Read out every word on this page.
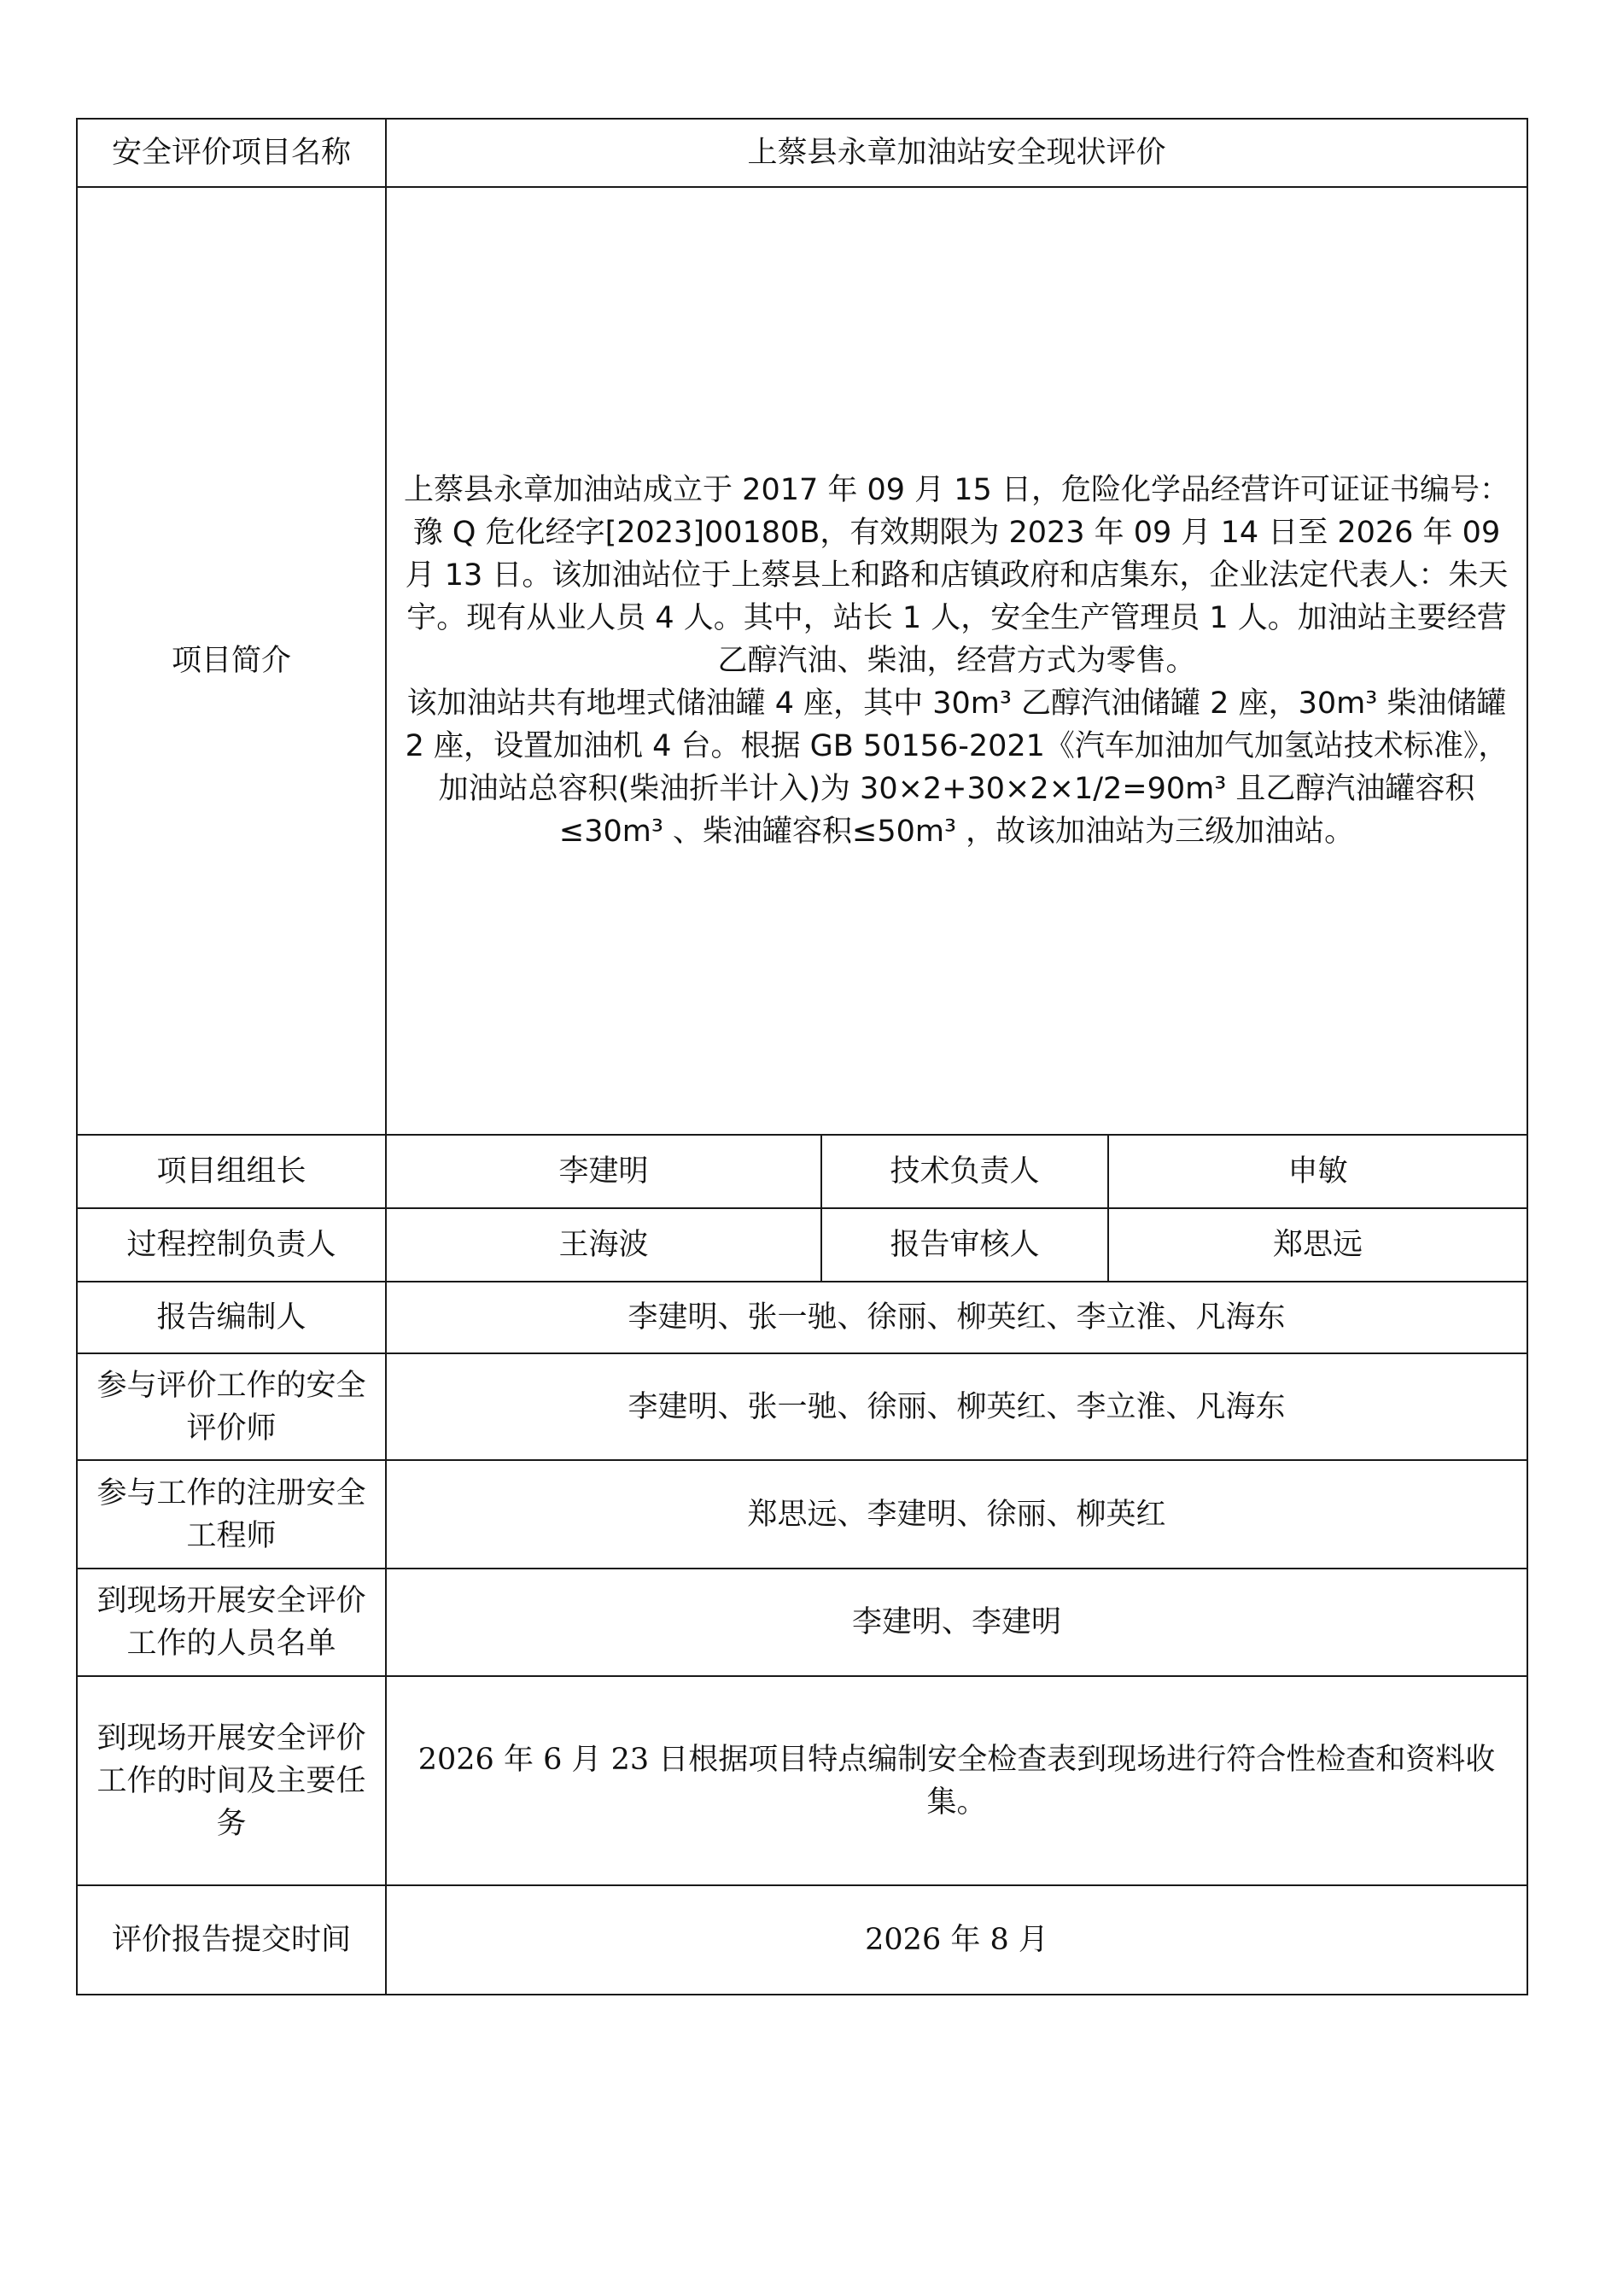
安全评价项目名称	上蔡县永章加油站安全现状评价		
项目简介	上蔡县永章加油站成立于 2017 年 09 月 15 日，危险化学品经营许可证证书编号：豫 Q 危化经字[2023]00180B，有效期限为 2023 年 09 月 14 日至 2026 年 09 月 13 日。该加油站位于上蔡县上和路和店镇政府和店集东，企业法定代表人：朱天宇。现有从业人员 4 人。其中，站长 1 人，安全生产管理员 1 人。加油站主要经营乙醇汽油、柴油，经营方式为零售。

该加油站共有地埋式储油罐 4 座，其中 30m³ 乙醇汽油储罐 2 座，30m³ 柴油储罐 2 座，设置加油机 4 台。根据 GB 50156-2021《汽车加油加气加氢站技术标准》，加油站总容积(柴油折半计入)为 30×2+30×2×1/2=90m³ 且乙醇汽油罐容积≤30m³ 、柴油罐容积≤50m³ ，故该加油站为三级加油站。		

项目组组长	李建明	技术负责人	申敏
过程控制负责人	王海波	报告审核人	郑思远
报告编制人	李建明、张一驰、徐丽、柳英红、李立淮、凡海东		
参与评价工作的安全评价师	李建明、张一驰、徐丽、柳英红、李立淮、凡海东		
参与工作的注册安全工程师	郑思远、李建明、徐丽、柳英红		
到现场开展安全评价工作的人员名单	李建明、李建明		
到现场开展安全评价工作的时间及主要任务	2026 年 6 月 23 日根据项目特点编制安全检查表到现场进行符合性检查和资料收集。		
评价报告提交时间	2026 年 8 月		
